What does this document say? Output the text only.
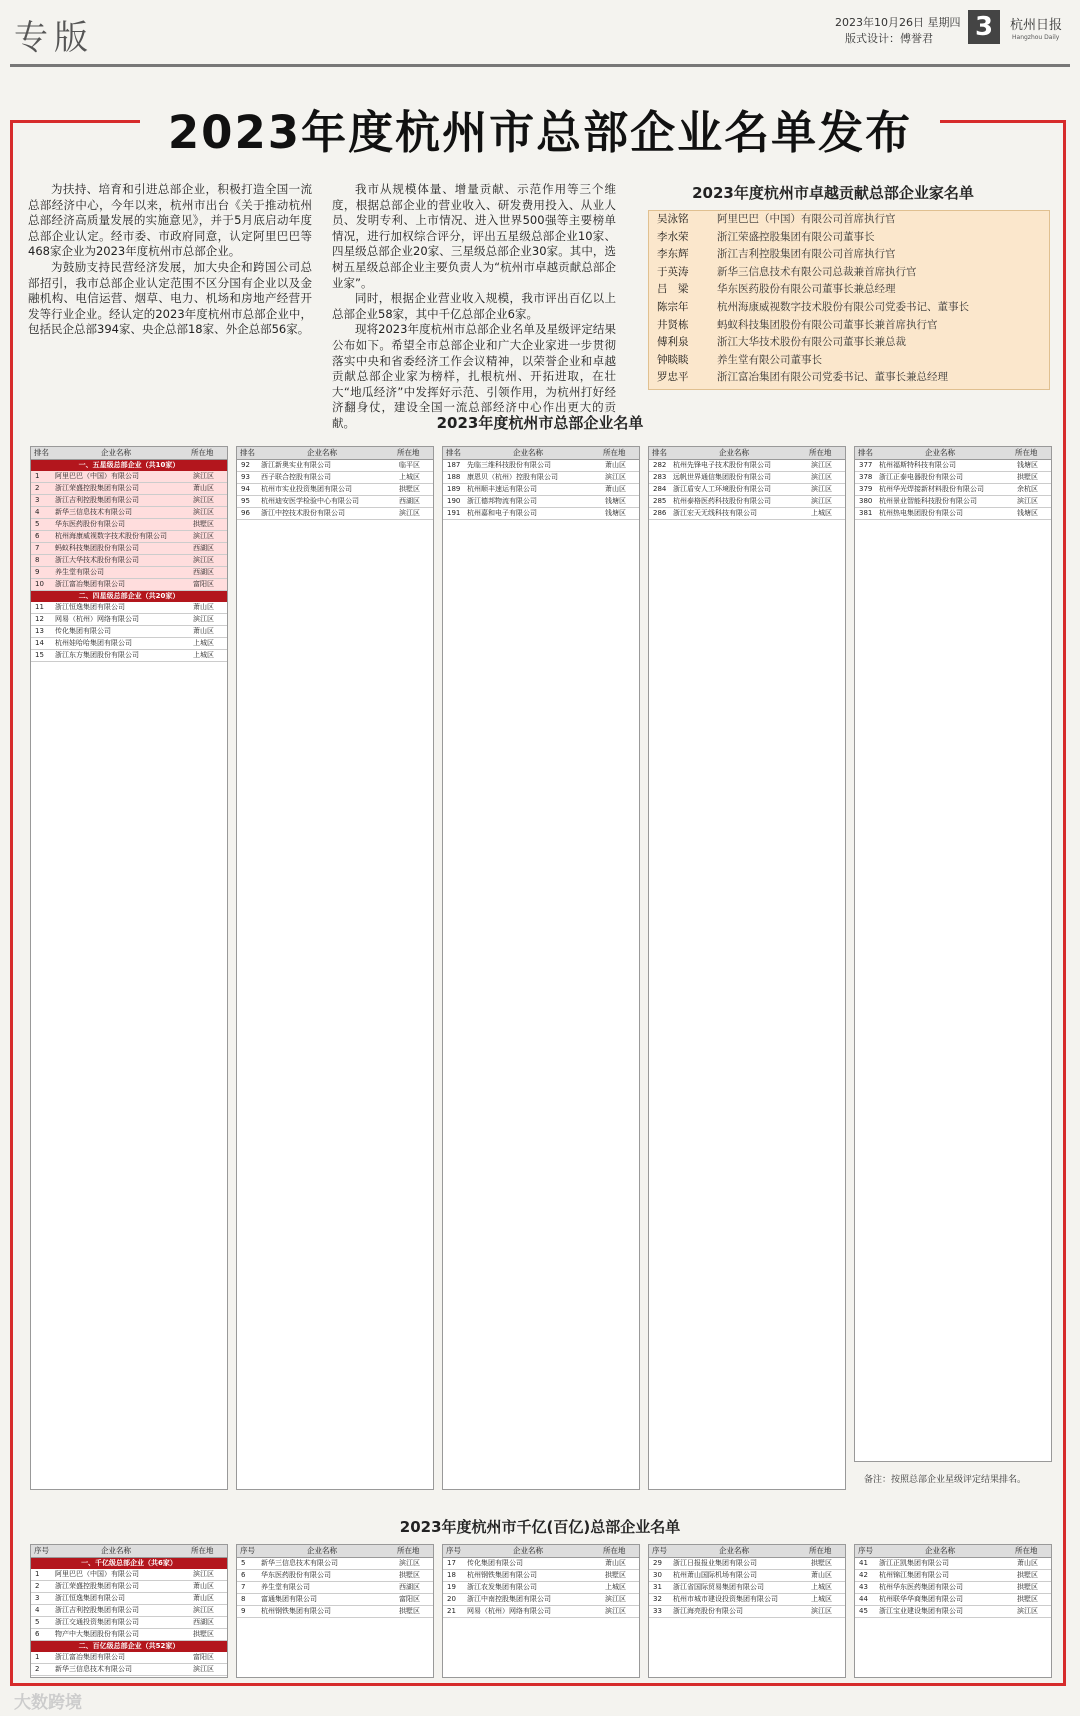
专版	2023年10月26日 星期四
版式设计：傅誉君 3	杭州日报
Hangzhou Daily
2023年度杭州市总部企业名单发布

为扶持、培育和引进总部企业，积极打造全国一流总部经济中心，今年以来，杭州市出台《关于推动杭州总部经济高质量发展的实施意见》，并于5月底启动年度总部企业认定。经市委、市政府同意，认定阿里巴巴等468家企业为2023年度杭州市总部企业。

为鼓励支持民营经济发展，加大央企和跨国公司总部招引，我市总部企业认定范围不区分国有企业以及金融机构、电信运营、烟草、电力、机场和房地产经营开发等行业企业。经认定的2023年度杭州市总部企业中，包括民企总部394家、央企总部18家、外企总部56家。

我市从规模体量、增量贡献、示范作用等三个维度，根据总部企业的营业收入、研发费用投入、从业人员、发明专利、上市情况、进入世界500强等主要榜单情况，进行加权综合评分，评出五星级总部企业10家、四星级总部企业20家、三星级总部企业30家。其中，选树五星级总部企业主要负责人为“杭州市卓越贡献总部企业家”。

同时，根据企业营业收入规模，我市评出百亿以上总部企业58家，其中千亿总部企业6家。

现将2023年度杭州市总部企业名单及星级评定结果公布如下。希望全市总部企业和广大企业家进一步贯彻落实中央和省委经济工作会议精神，以荣誉企业和卓越贡献总部企业家为榜样，扎根杭州、开拓进取，在壮大“地瓜经济”中发挥好示范、引领作用，为杭州打好经济翻身仗，建设全国一流总部经济中心作出更大的贡献。

2023年度杭州市卓越贡献总部企业家名单
吴泳铭	阿里巴巴（中国）有限公司首席执行官
李水荣	浙江荣盛控股集团有限公司董事长
李东辉	浙江吉利控股集团有限公司首席执行官
于英涛	新华三信息技术有限公司总裁兼首席执行官
吕　梁	华东医药股份有限公司董事长兼总经理
陈宗年	杭州海康威视数字技术股份有限公司党委书记、董事长
井贤栋	蚂蚁科技集团股份有限公司董事长兼首席执行官
傅利泉	浙江大华技术股份有限公司董事长兼总裁
钟睒睒	养生堂有限公司董事长
罗忠平	浙江富冶集团有限公司党委书记、董事长兼总经理
2023年度杭州市总部企业名单
排名	企业名称	所在地
一、五星级总部企业（共10家）
1 阿里巴巴（中国）有限公司	滨江区
2 浙江荣盛控股集团有限公司	萧山区
3 浙江吉利控股集团有限公司	滨江区
4 新华三信息技术有限公司	滨江区
5 华东医药股份有限公司	拱墅区
6 杭州海康威视数字技术股份有限公司	滨江区
7 蚂蚁科技集团股份有限公司	西湖区
8 浙江大华技术股份有限公司	滨江区
9 养生堂有限公司	西湖区
10 浙江富冶集团有限公司	富阳区
二、四星级总部企业（共20家）
11 浙江恒逸集团有限公司	萧山区
12 网易（杭州）网络有限公司	滨江区
13 传化集团有限公司	萧山区
14 杭州娃哈哈集团有限公司	上城区
15 浙江东方集团股份有限公司	上城区
排名	企业名称	所在地
92 浙江新奥实业有限公司	临平区
93 西子联合控股有限公司	上城区
94 杭州市实业投资集团有限公司	拱墅区
95 杭州迪安医学检验中心有限公司	西湖区
96 浙江中控技术股份有限公司	滨江区
排名	企业名称	所在地
187 先临三维科技股份有限公司	萧山区
188 康恩贝（杭州）控股有限公司	滨江区
189 杭州顺丰速运有限公司	萧山区
190 浙江德邦物流有限公司	钱塘区
191 杭州嘉和电子有限公司	钱塘区
排名	企业名称	所在地
282 杭州先锋电子技术股份有限公司	滨江区
283 远帆世界通信集团股份有限公司	滨江区
284 浙江盾安人工环境股份有限公司	滨江区
285 杭州泰格医药科技股份有限公司	滨江区
286 浙江宏天无线科技有限公司	上城区
排名	企业名称	所在地
377 杭州福斯特科技有限公司	钱塘区
378 浙江正泰电器股份有限公司	拱墅区
379 杭州华光焊接新材料股份有限公司	余杭区
380 杭州景业智能科技股份有限公司	滨江区
381 杭州热电集团股份有限公司	钱塘区
备注：按照总部企业星级评定结果排名。
2023年度杭州市千亿(百亿)总部企业名单
序号	企业名称	所在地
一、千亿级总部企业（共6家）
1 阿里巴巴（中国）有限公司	滨江区
2 浙江荣盛控股集团有限公司	萧山区
3 浙江恒逸集团有限公司	萧山区
4 浙江吉利控股集团有限公司	滨江区
5 浙江交通投资集团有限公司	西湖区
6 物产中大集团股份有限公司	拱墅区
二、百亿级总部企业（共52家）
1 浙江富冶集团有限公司	富阳区
2 新华三信息技术有限公司	滨江区
序号	企业名称	所在地
5 新华三信息技术有限公司	滨江区
6 华东医药股份有限公司	拱墅区
7 养生堂有限公司	西湖区
8 富通集团有限公司	富阳区
9 杭州钢铁集团有限公司	拱墅区
序号	企业名称	所在地
17 传化集团有限公司	萧山区
18 杭州钢铁集团有限公司	拱墅区
19 浙江农发集团有限公司	上城区
20 浙江中南控股集团有限公司	滨江区
21 网易（杭州）网络有限公司	滨江区
序号	企业名称	所在地
29 浙江日报报业集团有限公司	拱墅区
30 杭州萧山国际机场有限公司	萧山区
31 浙江省国际贸易集团有限公司	上城区
32 杭州市城市建设投资集团有限公司	上城区
33 浙江海亮股份有限公司	滨江区
序号	企业名称	所在地
41 浙江正凯集团有限公司	萧山区
42 杭州锦江集团有限公司	拱墅区
43 杭州华东医药集团有限公司	拱墅区
44 杭州联华华商集团有限公司	拱墅区
45 浙江宝业建设集团有限公司	滨江区
大数跨境
